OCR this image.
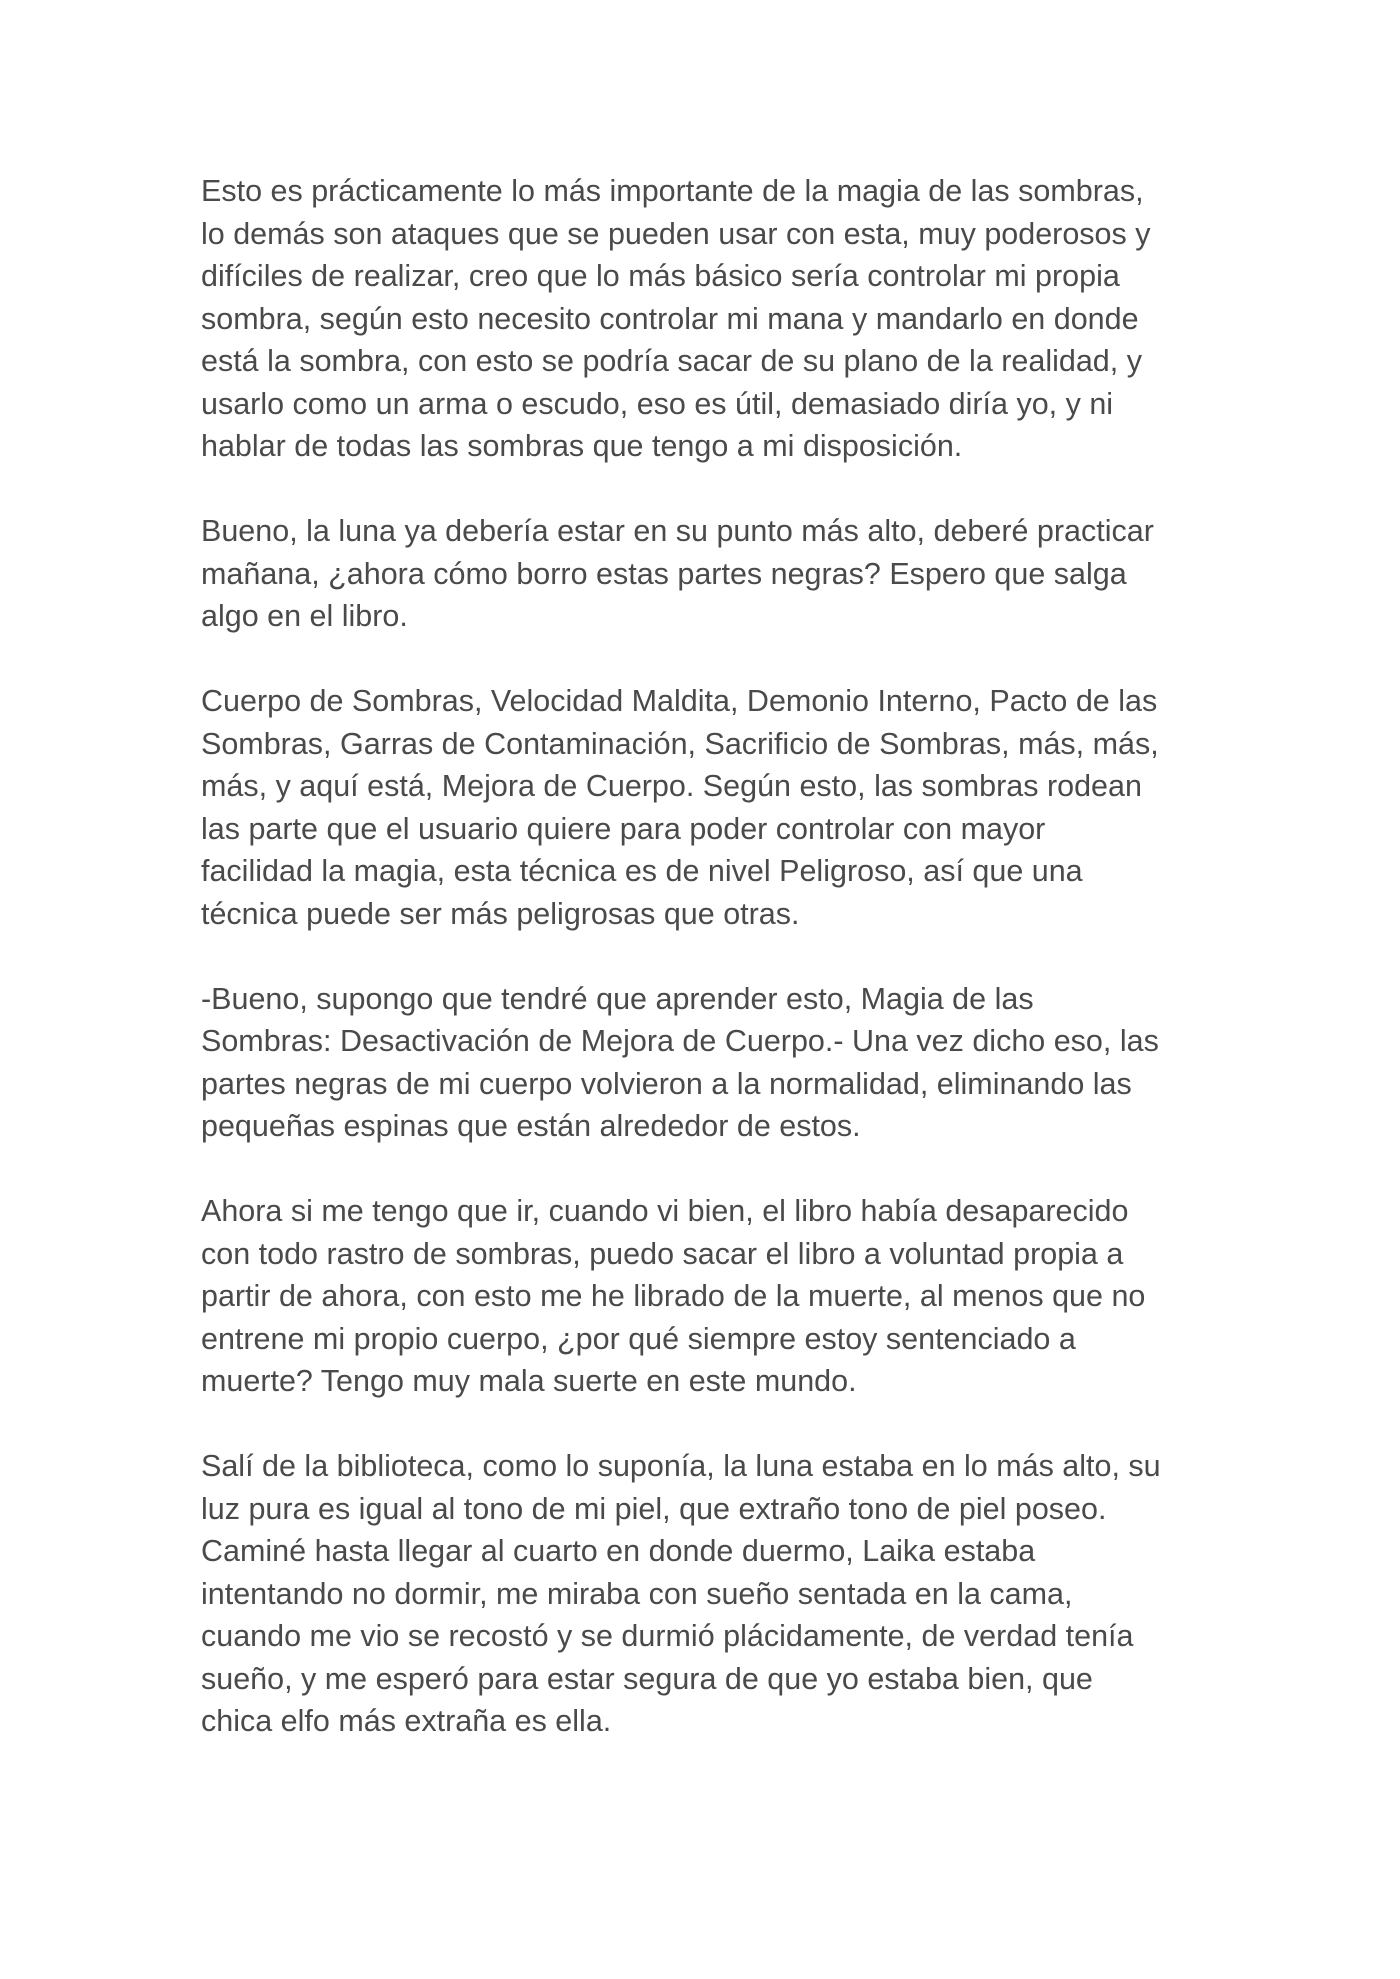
Esto es prácticamente lo más importante de la magia de las sombras,
lo demás son ataques que se pueden usar con esta, muy poderosos y
difíciles de realizar, creo que lo más básico sería controlar mi propia
sombra, según esto necesito controlar mi mana y mandarlo en donde
está la sombra, con esto se podría sacar de su plano de la realidad, y
usarlo como un arma o escudo, eso es útil, demasiado diría yo, y ni
hablar de todas las sombras que tengo a mi disposición.

Bueno, la luna ya debería estar en su punto más alto, deberé practicar
mañana, ¿ahora cómo borro estas partes negras? Espero que salga
algo en el libro.

Cuerpo de Sombras, Velocidad Maldita, Demonio Interno, Pacto de las
Sombras, Garras de Contaminación, Sacrificio de Sombras, más, más,
más, y aquí está, Mejora de Cuerpo. Según esto, las sombras rodean
las parte que el usuario quiere para poder controlar con mayor
facilidad la magia, esta técnica es de nivel Peligroso, así que una
técnica puede ser más peligrosas que otras.

-Bueno, supongo que tendré que aprender esto, Magia de las
Sombras: Desactivación de Mejora de Cuerpo.- Una vez dicho eso, las
partes negras de mi cuerpo volvieron a la normalidad, eliminando las
pequeñas espinas que están alrededor de estos.

Ahora si me tengo que ir, cuando vi bien, el libro había desaparecido
con todo rastro de sombras, puedo sacar el libro a voluntad propia a
partir de ahora, con esto me he librado de la muerte, al menos que no
entrene mi propio cuerpo, ¿por qué siempre estoy sentenciado a
muerte? Tengo muy mala suerte en este mundo.

Salí de la biblioteca, como lo suponía, la luna estaba en lo más alto, su
luz pura es igual al tono de mi piel, que extraño tono de piel poseo.
Caminé hasta llegar al cuarto en donde duermo, Laika estaba
intentando no dormir, me miraba con sueño sentada en la cama,
cuando me vio se recostó y se durmió plácidamente, de verdad tenía
sueño, y me esperó para estar segura de que yo estaba bien, que
chica elfo más extraña es ella.
